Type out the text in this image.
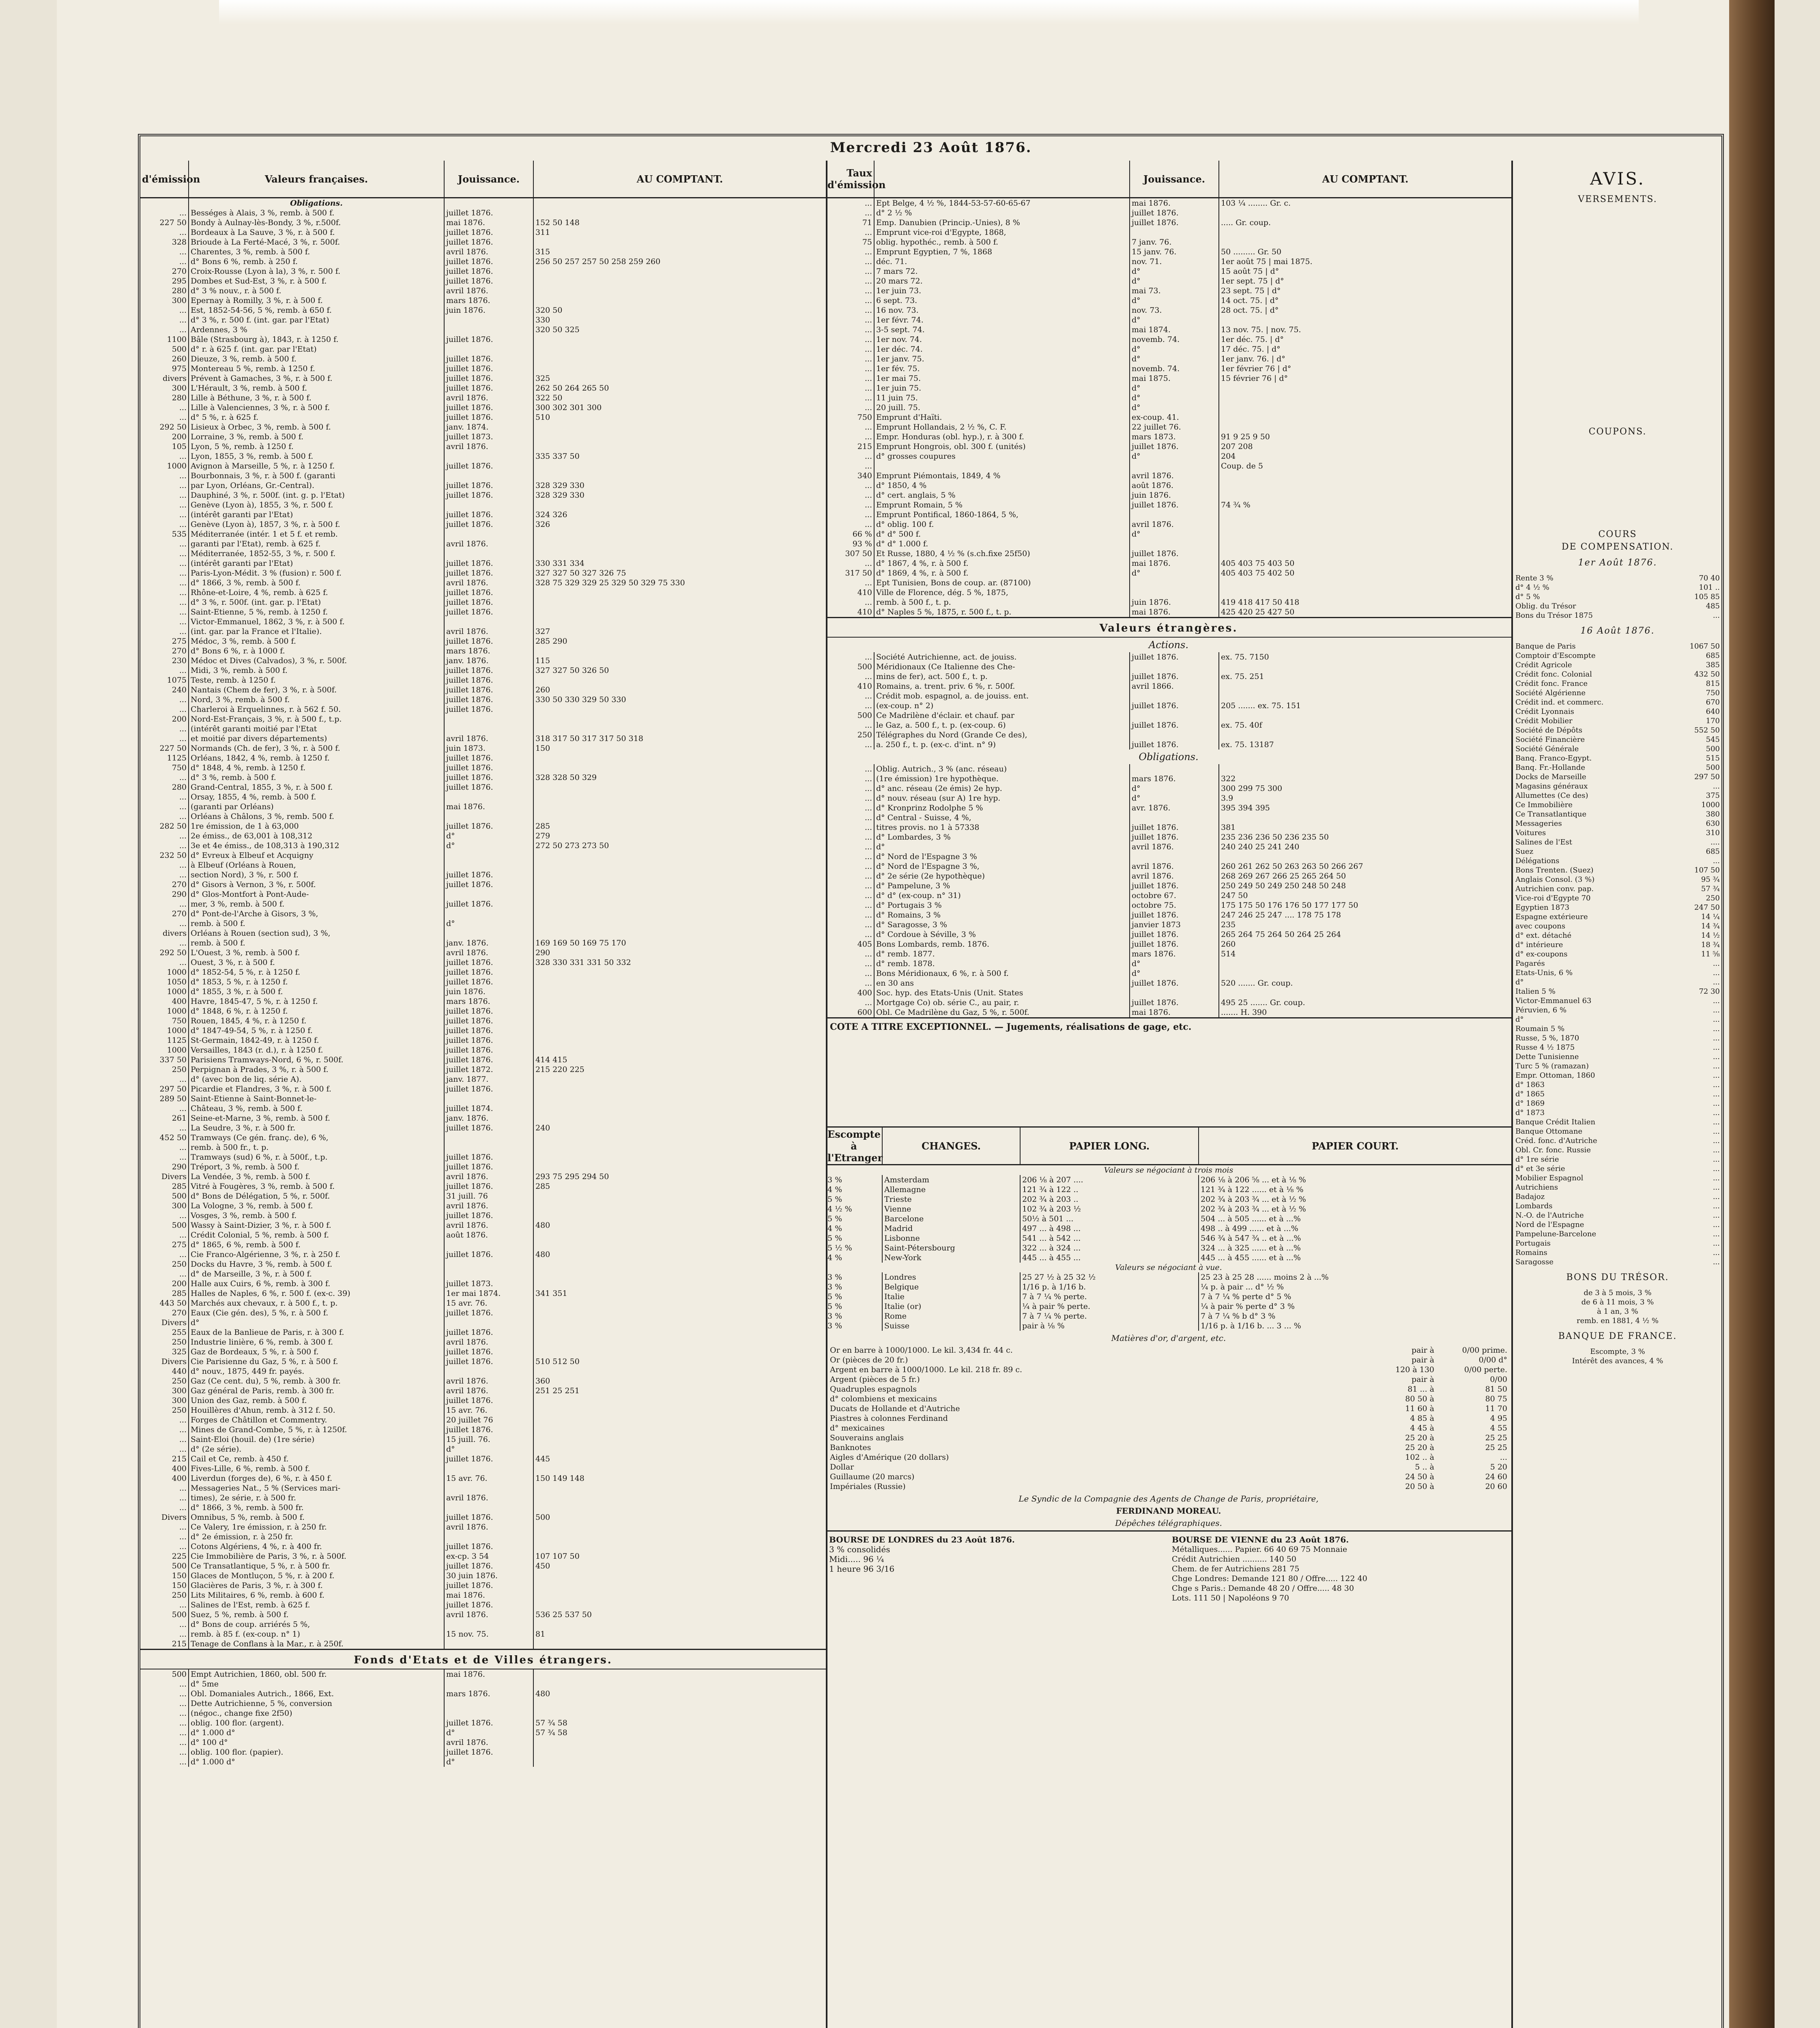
Mercredi 23 Août 1876.
d'émission	Valeurs françaises.	Jouissance.	AU COMPTANT.
	Obligations.		
...	Bességes à Alais, 3 %, remb. à 500 f.	juillet 1876.	
227 50	Bondy à Aulnay-lès-Bondy, 3 %, r.500f.	mai 1876.	152 50 148
...	Bordeaux à La Sauve, 3 %, r. à 500 f.	juillet 1876.	311
328	Brioude à La Ferté-Macé, 3 %, r. 500f.	juillet 1876.	
...	Charentes, 3 %, remb. à 500 f.	avril 1876.	315
...	d° Bons 6 %, remb. à 250 f.	juillet 1876.	256 50 257 257 50 258 259 260
270	Croix-Rousse (Lyon à la), 3 %, r. 500 f.	juillet 1876.	
295	Dombes et Sud-Est, 3 %, r. à 500 f.	juillet 1876.	
280	d° 3 % nouv., r. à 500 f.	avril 1876.	
300	Epernay à Romilly, 3 %, r. à 500 f.	mars 1876.	
...	Est, 1852-54-56, 5 %, remb. à 650 f.	juin 1876.	320 50
...	d° 3 %, r. 500 f. (int. gar. par l'Etat)		330
...	Ardennes, 3 %		320 50 325
1100	Bâle (Strasbourg à), 1843, r. à 1250 f.	juillet 1876.	
500	d° r. à 625 f. (int. gar. par l'Etat)		
260	Dieuze, 3 %, remb. à 500 f.	juillet 1876.	
975	Montereau 5 %, remb. à 1250 f.	juillet 1876.	
divers	Prévent à Gamaches, 3 %, r. à 500 f.	juillet 1876.	325
300	L'Hérault, 3 %, remb. à 500 f.	juillet 1876.	262 50 264 265 50
280	Lille à Béthune, 3 %, r. à 500 f.	avril 1876.	322 50
...	Lille à Valenciennes, 3 %, r. à 500 f.	juillet 1876.	300 302 301 300
...	d° 5 %, r. à 625 f.	juillet 1876.	510
292 50	Lisieux à Orbec, 3 %, remb. à 500 f.	janv. 1874.	
200	Lorraine, 3 %, remb. à 500 f.	juillet 1873.	
105	Lyon, 5 %, remb. à 1250 f.	avril 1876.	
...	Lyon, 1855, 3 %, remb. à 500 f.		335 337 50
1000	Avignon à Marseille, 5 %, r. à 1250 f.	juillet 1876.	
...	Bourbonnais, 3 %, r. à 500 f. (garanti		
...	par Lyon, Orléans, Gr.-Central).	juillet 1876.	328 329 330
...	Dauphiné, 3 %, r. 500f. (int. g. p. l'Etat)	juillet 1876.	328 329 330
...	Genève (Lyon à), 1855, 3 %, r. 500 f.		
...	(intérêt garanti par l'Etat)	juillet 1876.	324 326
...	Genève (Lyon à), 1857, 3 %, r. à 500 f.	juillet 1876.	326
535	Méditerranée (intér. 1 et 5 f. et remb.		
...	garanti par l'Etat), remb. à 625 f.	avril 1876.	
...	Méditerranée, 1852-55, 3 %, r. 500 f.		
...	(intérêt garanti par l'Etat)	juillet 1876.	330 331 334
...	Paris-Lyon-Médit. 3 % (fusion) r. 500 f.	juillet 1876.	327 327 50 327 326 75
...	d° 1866, 3 %, remb. à 500 f.	avril 1876.	328 75 329 329 25 329 50 329 75 330
...	Rhône-et-Loire, 4 %, remb. à 625 f.	juillet 1876.	
...	d° 3 %, r. 500f. (int. gar. p. l'Etat)	juillet 1876.	
...	Saint-Etienne, 5 %, remb. à 1250 f.	juillet 1876.	
...	Victor-Emmanuel, 1862, 3 %, r. à 500 f.		
...	(int. gar. par la France et l'Italie).	avril 1876.	327
275	Médoc, 3 %, remb. à 500 f.	juillet 1876.	285 290
270	d° Bons 6 %, r. à 1000 f.	mars 1876.	
230	Médoc et Dives (Calvados), 3 %, r. 500f.	janv. 1876.	115
...	Midi, 3 %, remb. à 500 f.	juillet 1876.	327 327 50 326 50
1075	Teste, remb. à 1250 f.	juillet 1876.	
240	Nantais (Chem de fer), 3 %, r. à 500f.	juillet 1876.	260
...	Nord, 3 %, remb. à 500 f.	juillet 1876.	330 50 330 329 50 330
...	Charleroi à Erquelinnes, r. à 562 f. 50.	juillet 1876.	
200	Nord-Est-Français, 3 %, r. à 500 f., t.p.		
...	(intérêt garanti moitié par l'Etat		
...	et moitié par divers départements)	avril 1876.	318 317 50 317 317 50 318
227 50	Normands (Ch. de fer), 3 %, r. à 500 f.	juin 1873.	150
1125	Orléans, 1842, 4 %, remb. à 1250 f.	juillet 1876.	
750	d° 1848, 4 %, remb. à 1250 f.	juillet 1876.	
...	d° 3 %, remb. à 500 f.	juillet 1876.	328 328 50 329
280	Grand-Central, 1855, 3 %, r. à 500 f.	juillet 1876.	
...	Orsay, 1855, 4 %, remb. à 500 f.		
...	(garanti par Orléans)	mai 1876.	
...	Orléans à Châlons, 3 %, remb. 500 f.		
282 50	1re émission, de 1 à 63,000	juillet 1876.	285
...	2e émiss., de 63,001 à 108,312	d°	279
...	3e et 4e émiss., de 108,313 à 190,312	d°	272 50 273 273 50
232 50	d° Evreux à Elbeuf et Acquigny		
...	à Elbeuf (Orléans à Rouen,		
...	section Nord), 3 %, r. 500 f.	juillet 1876.	
270	d° Gisors à Vernon, 3 %, r. 500f.	juillet 1876.	
290	d° Glos-Montfort à Pont-Aude-		
...	mer, 3 %, remb. à 500 f.	juillet 1876.	
270	d° Pont-de-l'Arche à Gisors, 3 %,		
...	remb. à 500 f.	d°	
divers	Orléans à Rouen (section sud), 3 %,		
...	remb. à 500 f.	janv. 1876.	169 169 50 169 75 170
292 50	L'Ouest, 3 %, remb. à 500 f.	avril 1876.	290
...	Ouest, 3 %, r. à 500 f.	juillet 1876.	328 330 331 331 50 332
1000	d° 1852-54, 5 %, r. à 1250 f.	juillet 1876.	
1050	d° 1853, 5 %, r. à 1250 f.	juillet 1876.	
1000	d° 1855, 3 %, r. à 500 f.	juin 1876.	
400	Havre, 1845-47, 5 %, r. à 1250 f.	mars 1876.	
1000	d° 1848, 6 %, r. à 1250 f.	juillet 1876.	
750	Rouen, 1845, 4 %, r. à 1250 f.	juillet 1876.	
1000	d° 1847-49-54, 5 %, r. à 1250 f.	juillet 1876.	
1125	St-Germain, 1842-49, r. à 1250 f.	juillet 1876.	
1000	Versailles, 1843 (r. d.), r. à 1250 f.	juillet 1876.	
337 50	Parisiens Tramways-Nord, 6 %, r. 500f.	juillet 1876.	414 415
250	Perpignan à Prades, 3 %, r. à 500 f.	juillet 1872.	215 220 225
...	d° (avec bon de liq. série A).	janv. 1877.	
297 50	Picardie et Flandres, 3 %, r. à 500 f.	juillet 1876.	
289 50	Saint-Etienne à Saint-Bonnet-le-		
...	Château, 3 %, remb. à 500 f.	juillet 1874.	
261	Seine-et-Marne, 3 %, remb. à 500 f.	janv. 1876.	
...	La Seudre, 3 %, r. à 500 fr.	juillet 1876.	240
452 50	Tramways (Ce gén. franç. de), 6 %,		
...	remb. à 500 fr., t. p.		
...	Tramways (sud) 6 %, r. à 500f., t.p.	juillet 1876.	
290	Tréport, 3 %, remb. à 500 f.	juillet 1876.	
Divers	La Vendée, 3 %, remb. à 500 f.	avril 1876.	293 75 295 294 50
285	Vitré à Fougères, 3 %, remb. à 500 f.	juillet 1876.	285
500	d° Bons de Délégation, 5 %, r. 500f.	31 juill. 76	
300	La Vologne, 3 %, remb. à 500 f.	avril 1876.	
...	Vosges, 3 %, remb. à 500 f.	juillet 1876.	
500	Wassy à Saint-Dizier, 3 %, r. à 500 f.	avril 1876.	480
...	Crédit Colonial, 5 %, remb. à 500 f.	août 1876.	
275	d° 1865, 6 %, remb. à 500 f.		
...	Cie Franco-Algérienne, 3 %, r. à 250 f.	juillet 1876.	480
250	Docks du Havre, 3 %, remb. à 500 f.		
...	d° de Marseille, 3 %, r. à 500 f.		
200	Halle aux Cuirs, 6 %, remb. à 300 f.	juillet 1873.	
285	Halles de Naples, 6 %, r. 500 f. (ex-c. 39)	1er mai 1874.	341 351
443 50	Marchés aux chevaux, r. à 500 f., t. p.	15 avr. 76.	
270	Eaux (Cie gén. des), 5 %, r. à 500 f.	juillet 1876.	
Divers	d°		
255	Eaux de la Banlieue de Paris, r. à 300 f.	juillet 1876.	
250	Industrie linière, 6 %, remb. à 300 f.	avril 1876.	
325	Gaz de Bordeaux, 5 %, r. à 500 f.	juillet 1876.	
Divers	Cie Parisienne du Gaz, 5 %, r. à 500 f.	juillet 1876.	510 512 50
440	d° nouv., 1875, 449 fr. payés.		
250	Gaz (Ce cent. du), 5 %, remb. à 300 fr.	avril 1876.	360
300	Gaz général de Paris, remb. à 300 fr.	avril 1876.	251 25 251
300	Union des Gaz, remb. à 500 f.	juillet 1876.	
250	Houillères d'Ahun, remb. à 312 f. 50.	15 avr. 76.	
...	Forges de Châtillon et Commentry.	20 juillet 76	
...	Mines de Grand-Combe, 5 %, r. à 1250f.	juillet 1876.	
...	Saint-Eloi (houil. de) (1re série)	15 juill. 76.	
...	d° (2e série).	d°	
215	Cail et Ce, remb. à 450 f.	juillet 1876.	445
400	Fives-Lille, 6 %, remb. à 500 f.		
400	Liverdun (forges de), 6 %, r. à 450 f.	15 avr. 76.	150 149 148
...	Messageries Nat., 5 % (Services mari-		
...	times), 2e série, r. à 500 fr.	avril 1876.	
...	d° 1866, 3 %, remb. à 500 fr.		
Divers	Omnibus, 5 %, remb. à 500 f.	juillet 1876.	500
...	Ce Valery, 1re émission, r. à 250 fr.	avril 1876.	
...	d° 2e émission, r. à 250 fr.		
...	Cotons Algériens, 4 %, r. à 400 fr.	juillet 1876.	
225	Cie Immobilière de Paris, 3 %, r. à 500f.	ex-cp. 3 54	107 107 50
500	Ce Transatlantique, 5 %, r. à 500 fr.	juillet 1876.	450
150	Glaces de Montluçon, 5 %, r. à 200 f.	30 juin 1876.	
150	Glacières de Paris, 3 %, r. à 300 f.	juillet 1876.	
250	Lits Militaires, 6 %, remb. à 600 f.	mai 1876.	
...	Salines de l'Est, remb. à 625 f.	juillet 1876.	
500	Suez, 5 %, remb. à 500 f.	avril 1876.	536 25 537 50
...	d° Bons de coup. arriérés 5 %,		
...	remb. à 85 f. (ex-coup. n° 1)	15 nov. 75.	81
215	Tenage de Conflans à la Mar., r. à 250f.		
Fonds d'Etats et de Villes étrangers.
500	Empt Autrichien, 1860, obl. 500 fr.	mai 1876.	
...	d° 5me		
...	Obl. Domaniales Autrich., 1866, Ext.	mars 1876.	480
...	Dette Autrichienne, 5 %, conversion		
...	(négoc., change fixe 2f50)		
...	oblig. 100 flor. (argent).	juillet 1876.	57 ¾ 58
...	d° 1.000 d°	d°	57 ¾ 58
...	d° 100 d°	avril 1876.	
...	oblig. 100 flor. (papier).	juillet 1876.	
...	d° 1.000 d°	d°	
Taux d'émission		Jouissance.	AU COMPTANT.
...	Ept Belge, 4 ½ %, 1844-53-57-60-65-67	mai 1876.	103 ¼ ........ Gr. c.
...	d° 2 ½ %	juillet 1876.	
71	Emp. Danubien (Princip.-Unies), 8 %	juillet 1876.	..... Gr. coup.
...	Emprunt vice-roi d'Egypte, 1868,		
75	oblig. hypothéc., remb. à 500 f.	7 janv. 76.	
...	Emprunt Egyptien, 7 %, 1868	15 janv. 76.	50 ......... Gr. 50
...	déc. 71.	nov. 71.	1er août 75 | mai 1875.
...	7 mars 72.	d°	15 août 75 | d°
...	20 mars 72.	d°	1er sept. 75 | d°
...	1er juin 73.	mai 73.	23 sept. 75 | d°
...	6 sept. 73.	d°	14 oct. 75. | d°
...	16 nov. 73.	nov. 73.	28 oct. 75. | d°
...	1er févr. 74.	d°	
...	3-5 sept. 74.	mai 1874.	13 nov. 75. | nov. 75.
...	1er nov. 74.	novemb. 74.	1er déc. 75. | d°
...	1er déc. 74.	d°	17 déc. 75. | d°
...	1er janv. 75.	d°	1er janv. 76. | d°
...	1er fév. 75.	novemb. 74.	1er février 76 | d°
...	1er mai 75.	mai 1875.	15 février 76 | d°
...	1er juin 75.	d°	
...	11 juin 75.	d°	
...	20 juill. 75.	d°	
750	Emprunt d'Haïti.	ex-coup. 41.	
...	Emprunt Hollandais, 2 ½ %, C. F.	22 juillet 76.	
...	Empr. Honduras (obl. hyp.), r. à 300 f.	mars 1873.	91 9 25 9 50
215	Emprunt Hongrois, obl. 300 f. (unités)	juillet 1876.	207 208
...	d° grosses coupures	d°	204
...			Coup. de 5
340	Emprunt Piémontais, 1849, 4 %	avril 1876.	
...	d° 1850, 4 %	août 1876.	
...	d° cert. anglais, 5 %	juin 1876.	
...	Emprunt Romain, 5 %	juillet 1876.	74 ¾ %
...	Emprunt Pontifical, 1860-1864, 5 %,		
...	d° oblig. 100 f.	avril 1876.	
66 %	d° d° 500 f.	d°	
93 %	d° d° 1.000 f.		
307 50	Et Russe, 1880, 4 ½ % (s.ch.fixe 25f50)	juillet 1876.	
...	d° 1867, 4 %, r. à 500 f.	mai 1876.	405 403 75 403 50
317 50	d° 1869, 4 %, r. à 500 f.	d°	405 403 75 402 50
...	Ept Tunisien, Bons de coup. ar. (87100)		
410	Ville de Florence, dég. 5 %, 1875,		
...	remb. à 500 f., t. p.	juin 1876.	419 418 417 50 418
410	d° Naples 5 %, 1875, r. 500 f., t. p.	mai 1876.	425 420 25 427 50
Valeurs étrangères.
Actions.
...	Société Autrichienne, act. de jouiss.	juillet 1876.	ex. 75. 7150
500	Méridionaux (Ce Italienne des Che-		
...	mins de fer), act. 500 f., t. p.	juillet 1876.	ex. 75. 251
410	Romains, a. trent. priv. 6 %, r. 500f.	avril 1866.	
...	Crédit mob. espagnol, a. de jouiss. ent.		
...	(ex-coup. n° 2)	juillet 1876.	205 ....... ex. 75. 151
500	Ce Madrilène d'éclair. et chauf. par		
...	le Gaz, a. 500 f., t. p. (ex-coup. 6)	juillet 1876.	ex. 75. 40f
250	Télégraphes du Nord (Grande Ce des),		
...	a. 250 f., t. p. (ex-c. d'int. n° 9)	juillet 1876.	ex. 75. 13187
Obligations.
...	Oblig. Autrich., 3 % (anc. réseau)		
...	(1re émission) 1re hypothèque.	mars 1876.	322
...	d° anc. réseau (2e émis) 2e hyp.	d°	300 299 75 300
...	d° nouv. réseau (sur A) 1re hyp.	d°	3.9
...	d° Kronprinz Rodolphe 5 %	avr. 1876.	395 394 395
...	d° Central - Suisse, 4 %,		
...	titres provis. no 1 à 57338	juillet 1876.	381
...	d° Lombardes, 3 %	juillet 1876.	235 236 236 50 236 235 50
...	d°	avril 1876.	240 240 25 241 240
...	d° Nord de l'Espagne 3 %		
...	d° Nord de l'Espagne 3 %,	avril 1876.	260 261 262 50 263 263 50 266 267
...	d° 2e série (2e hypothèque)	avril 1876.	268 269 267 266 25 265 264 50
...	d° Pampelune, 3 %	juillet 1876.	250 249 50 249 250 248 50 248
...	d° d° (ex-coup. n° 31)	octobre 67.	247 50
...	d° Portugais 3 %	octobre 75.	175 175 50 176 176 50 177 177 50
...	d° Romains, 3 %	juillet 1876.	247 246 25 247 .... 178 75 178
...	d° Saragosse, 3 %	janvier 1873	235
...	d° Cordoue à Séville, 3 %	juillet 1876.	265 264 75 264 50 264 25 264
405	Bons Lombards, remb. 1876.	juillet 1876.	260
...	d° remb. 1877.	mars 1876.	514
...	d° remb. 1878.	d°	
...	Bons Méridionaux, 6 %, r. à 500 f.	d°	
...	en 30 ans	juillet 1876.	520 ....... Gr. coup.
400	Soc. hyp. des Etats-Unis (Unit. States		
...	Mortgage Co) ob. série C., au pair, r.	juillet 1876.	495 25 ....... Gr. coup.
600	Obl. Ce Madrilène du Gaz, 5 %, r. 500f.	mai 1876.	....... H. 390
COTE A TITRE EXCEPTIONNEL. — Jugements, réalisations de gage, etc.
Escompte à l'Etranger	CHANGES.	PAPIER LONG.	PAPIER COURT.
Valeurs se négociant à trois mois			
3 %	Amsterdam	206 ⅛ à 207 ....	206 ⅛ à 206 ⅝ ... et à ⅛ %
4 %	Allemagne	121 ¾ à 122 ..	121 ¾ à 122 ...... et à ⅛ %
5 %	Trieste	202 ¾ à 203 ..	202 ¾ à 203 ¾ ... et à ½ %
4 ½ %	Vienne	102 ¾ à 203 ½	202 ¾ à 203 ¾ ... et à ½ %
5 %	Barcelone	50½ à 501 ...	504 ... à 505 ...... et à ...%
4 %	Madrid	497 ... à 498 ...	498 .. à 499 ...... et à ...%
5 %	Lisbonne	541 ... à 542 ...	546 ¾ à 547 ¾ .. et à ...%
5 ½ %	Saint-Pétersbourg	322 ... à 324 ...	324 ... à 325 ...... et à ...%
4 %	New-York	445 ... à 455 ...	445 ... à 455 ...... et à ...%
Valeurs se négociant à vue.			
3 %	Londres	25 27 ½ à 25 32 ½	25 23 à 25 28 ...... moins 2 à ...%
3 %	Belgique	1/16 p. à 1/16 b.	¼ p. à pair ... d° ½ %
5 %	Italie	7 à 7 ¼ % perte.	7 à 7 ¼ % perte d° 5 %
5 %	Italie (or)	¼ à pair % perte.	¼ à pair % perte d° 3 %
3 %	Rome	7 à 7 ¼ % perte.	7 à 7 ¼ % b d° 3 %
3 %	Suisse	pair à ⅛ %	1/16 p. à 1/16 b. ... 3 ... %
Matières d'or, d'argent, etc.
Or en barre à 1000/1000. Le kil. 3,434 fr. 44 c.	pair à	0/00 prime.
Or (pièces de 20 fr.)	pair à	0/00 d°
Argent en barre à 1000/1000. Le kil. 218 fr. 89 c.	120 à 130	0/00 perte.
Argent (pièces de 5 fr.)	pair à	0/00
Quadruples espagnols	81 ... à	81 50
d° colombiens et mexicains	80 50 à	80 75
Ducats de Hollande et d'Autriche	11 60 à	11 70
Piastres à colonnes Ferdinand	4 85 à	4 95
d° mexicaines	4 45 à	4 55
Souverains anglais	25 20 à	25 25
Banknotes	25 20 à	25 25
Aigles d'Amérique (20 dollars)	102 .. à	...
Dollar	5 .. à	5 20
Guillaume (20 marcs)	24 50 à	24 60
Impériales (Russie)	20 50 à	20 60
Le Syndic de la Compagnie des Agents de Change de Paris, propriétaire,
FERDINAND MOREAU.
Dépêches télégraphiques.
BOURSE DE LONDRES du 23 Août 1876.
3 % consolidés
Midi..... 96 ¼
1 heure 96 3/16
BOURSE DE VIENNE du 23 Août 1876.
Métalliques...... Papier. 66 40 69 75 Monnaie
Crédit Autrichien .......... 140 50
Chem. de fer Autrichiens 281 75
Chge Londres: Demande 121 80 / Offre..... 122 40
Chge s Paris.: Demande 48 20 / Offre..... 48 30
Lots. 111 50 | Napoléons 9 70
AVIS.
VERSEMENTS.
COUPONS.
COURS
DE COMPENSATION.
1er Août 1876.
Rente 3 %	70 40
d° 4 ½ %	101 ..
d° 5 %	105 85
Oblig. du Trésor	485
Bons du Trésor 1875	...
16 Août 1876.
Banque de Paris	1067 50
Comptoir d'Escompte	685
Crédit Agricole	385
Crédit fonc. Colonial	432 50
Crédit fonc. France	815
Société Algérienne	750
Crédit ind. et commerc.	670
Crédit Lyonnais	640
Crédit Mobilier	170
Société de Dépôts	552 50
Société Financière	545
Société Générale	500
Banq. Franco-Egypt.	515
Banq. Fr.-Hollande	500
Docks de Marseille	297 50
Magasins généraux	...
Allumettes (Ce des)	375
Ce Immobilière	1000
Ce Transatlantique	380
Messageries	630
Voitures	310
Salines de l'Est	....
Suez	685
Délégations	...
Bons Trenten. (Suez)	107 50
Anglais Consol. (3 %)	95 ¾
Autrichien conv. pap.	57 ¾
Vice-roi d'Egypte 70	250
Egyptien 1873	247 50
Espagne extérieure	14 ¼
avec coupons	14 ¾
d° ext. détaché	14 ½
d° intérieure	18 ¾
d° ex-coupons	11 ⅝
Pagarés	...
Etats-Unis, 6 %	...
d°	...
Italien 5 %	72 30
Victor-Emmanuel 63	...
Péruvien, 6 %	...
d°	...
Roumain 5 %	...
Russe, 5 %, 1870	...
Russe 4 ½ 1875	...
Dette Tunisienne	...
Turc 5 % (ramazan)	...
Empr. Ottoman, 1860	...
d° 1863	...
d° 1865	...
d° 1869	...
d° 1873	...
Banque Crédit Italien	...
Banque Ottomane	...
Créd. fonc. d'Autriche	...
Obl. Cr. fonc. Russie	...
d° 1re série	...
d° et 3e série	...
Mobilier Espagnol	...
Autrichiens	...
Badajoz	...
Lombards	...
N.-O. de l'Autriche	...
Nord de l'Espagne	...
Pampelune-Barcelone	...
Portugais	...
Romains	...
Saragosse	...
BONS DU TRÉSOR.
de 3 à 5 mois, 3 %
de 6 à 11 mois, 3 %
à 1 an, 3 %
remb. en 1881, 4 ½ %
BANQUE DE FRANCE.
Escompte, 3 %
Intérêt des avances, 4 %
